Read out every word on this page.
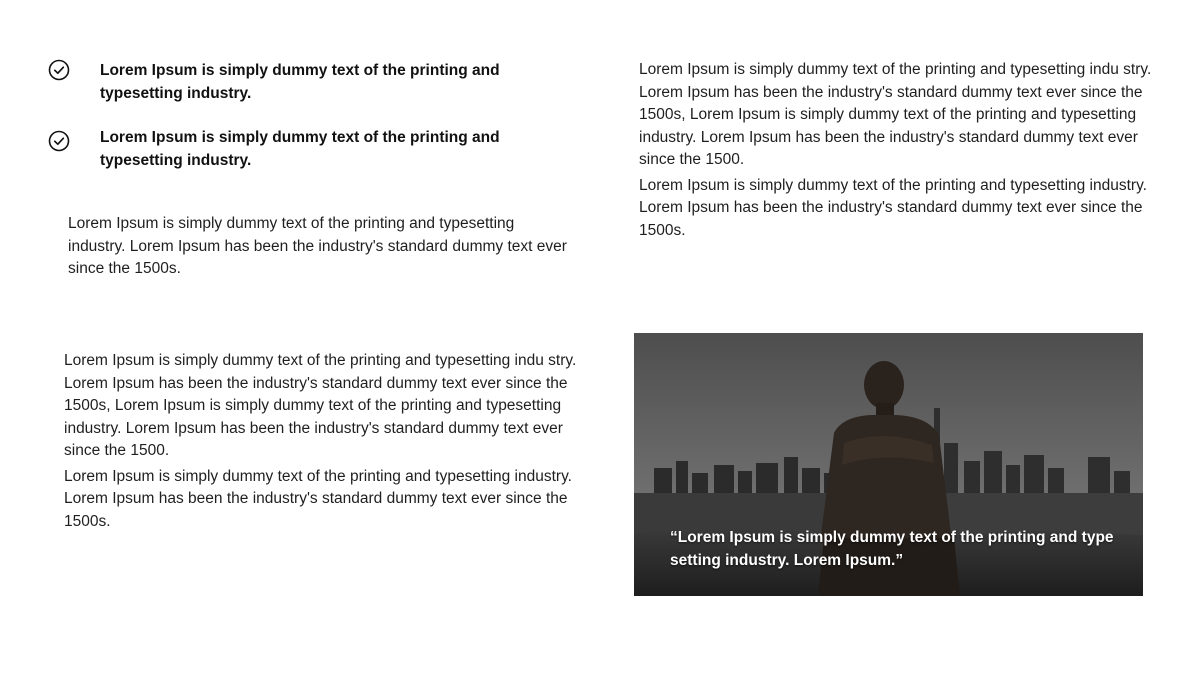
Lorem Ipsum is simply dummy text of the printing and typesetting industry.
Lorem Ipsum is simply dummy text of the printing and typesetting industry.

Lorem Ipsum is simply dummy text of the printing and typesetting industry. Lorem Ipsum has been the industry's standard dummy text ever since the 1500s.

Lorem Ipsum is simply dummy text of the printing and typesetting indu stry. Lorem Ipsum has been the industry's standard dummy text ever since the 1500s, Lorem Ipsum is simply dummy text of the printing and typesetting industry. Lorem Ipsum has been the industry's standard dummy text ever since the 1500.

Lorem Ipsum is simply dummy text of the printing and typesetting industry. Lorem Ipsum has been the industry's standard dummy text ever since the 1500s.

Lorem Ipsum is simply dummy text of the printing and typesetting indu stry. Lorem Ipsum has been the industry's standard dummy text ever since the 1500s, Lorem Ipsum is simply dummy text of the printing and typesetting industry. Lorem Ipsum has been the industry's standard dummy text ever since the 1500.

Lorem Ipsum is simply dummy text of the printing and typesetting industry. Lorem Ipsum has been the industry's standard dummy text ever since the 1500s.

“Lorem Ipsum is simply dummy text of the printing and type setting industry. Lorem Ipsum.”
